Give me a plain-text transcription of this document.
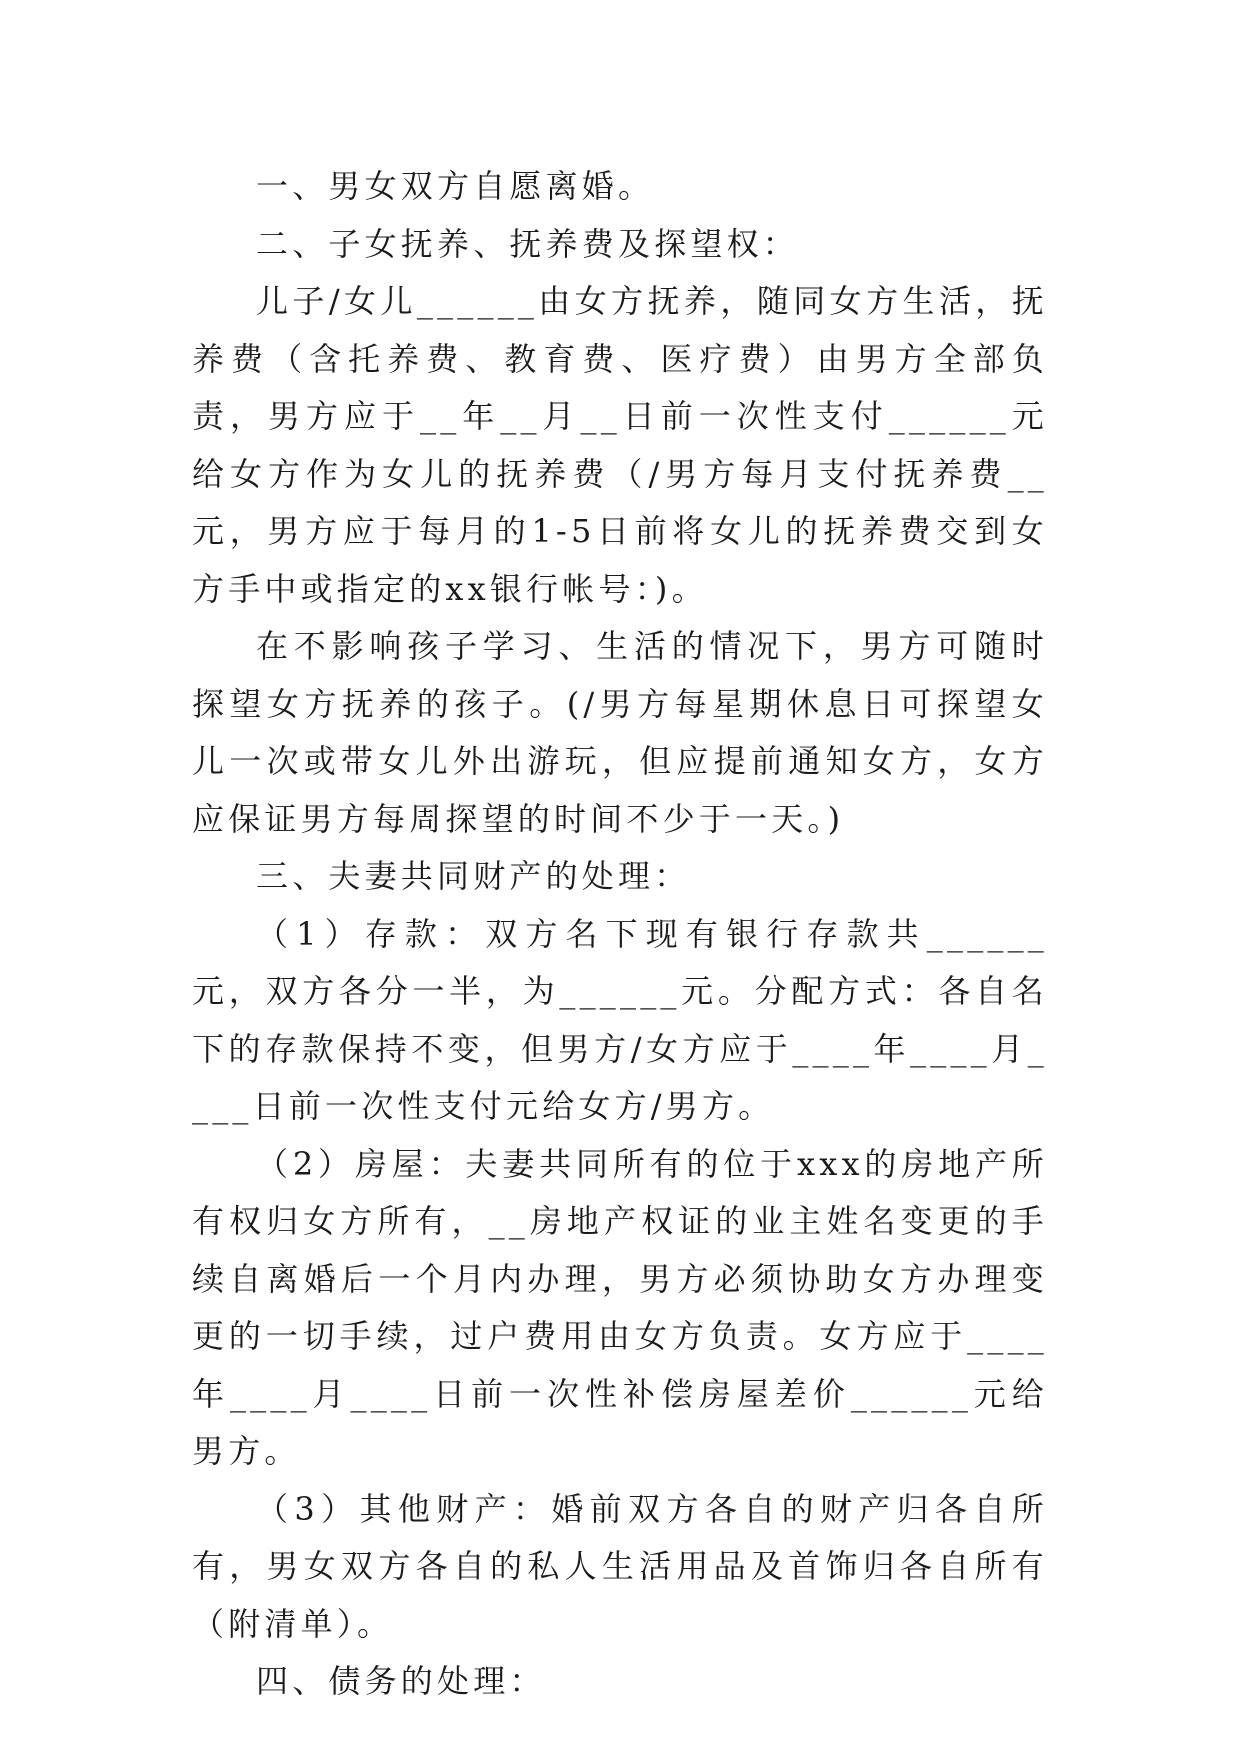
一、男女双方自愿离婚。

二、子女抚养、抚养费及探望权：

儿子/女儿______由女方抚养，随同女方生活，抚养费（含托养费、教育费、医疗费）由男方全部负责，男方应于__年__月__日前一次性支付______元给女方作为女儿的抚养费（/男方每月支付抚养费__元，男方应于每月的1-5日前将女儿的抚养费交到女方手中或指定的xx银行帐号：)。

在不影响孩子学习、生活的情况下，男方可随时探望女方抚养的孩子。(/男方每星期休息日可探望女儿一次或带女儿外出游玩，但应提前通知女方，女方应保证男方每周探望的时间不少于一天。)

三、夫妻共同财产的处理：

（1）存款：双方名下现有银行存款共______元，双方各分一半，为______元。分配方式：各自名下的存款保持不变，但男方/女方应于____年____月____日前一次性支付元给女方/男方。

（2）房屋：夫妻共同所有的位于xxx的房地产所有权归女方所有，__房地产权证的业主姓名变更的手续自离婚后一个月内办理，男方必须协助女方办理变更的一切手续，过户费用由女方负责。女方应于____年____月____日前一次性补偿房屋差价______元给男方。

（3）其他财产：婚前双方各自的财产归各自所有，男女双方各自的私人生活用品及首饰归各自所有（附清单）。

四、债务的处理：
